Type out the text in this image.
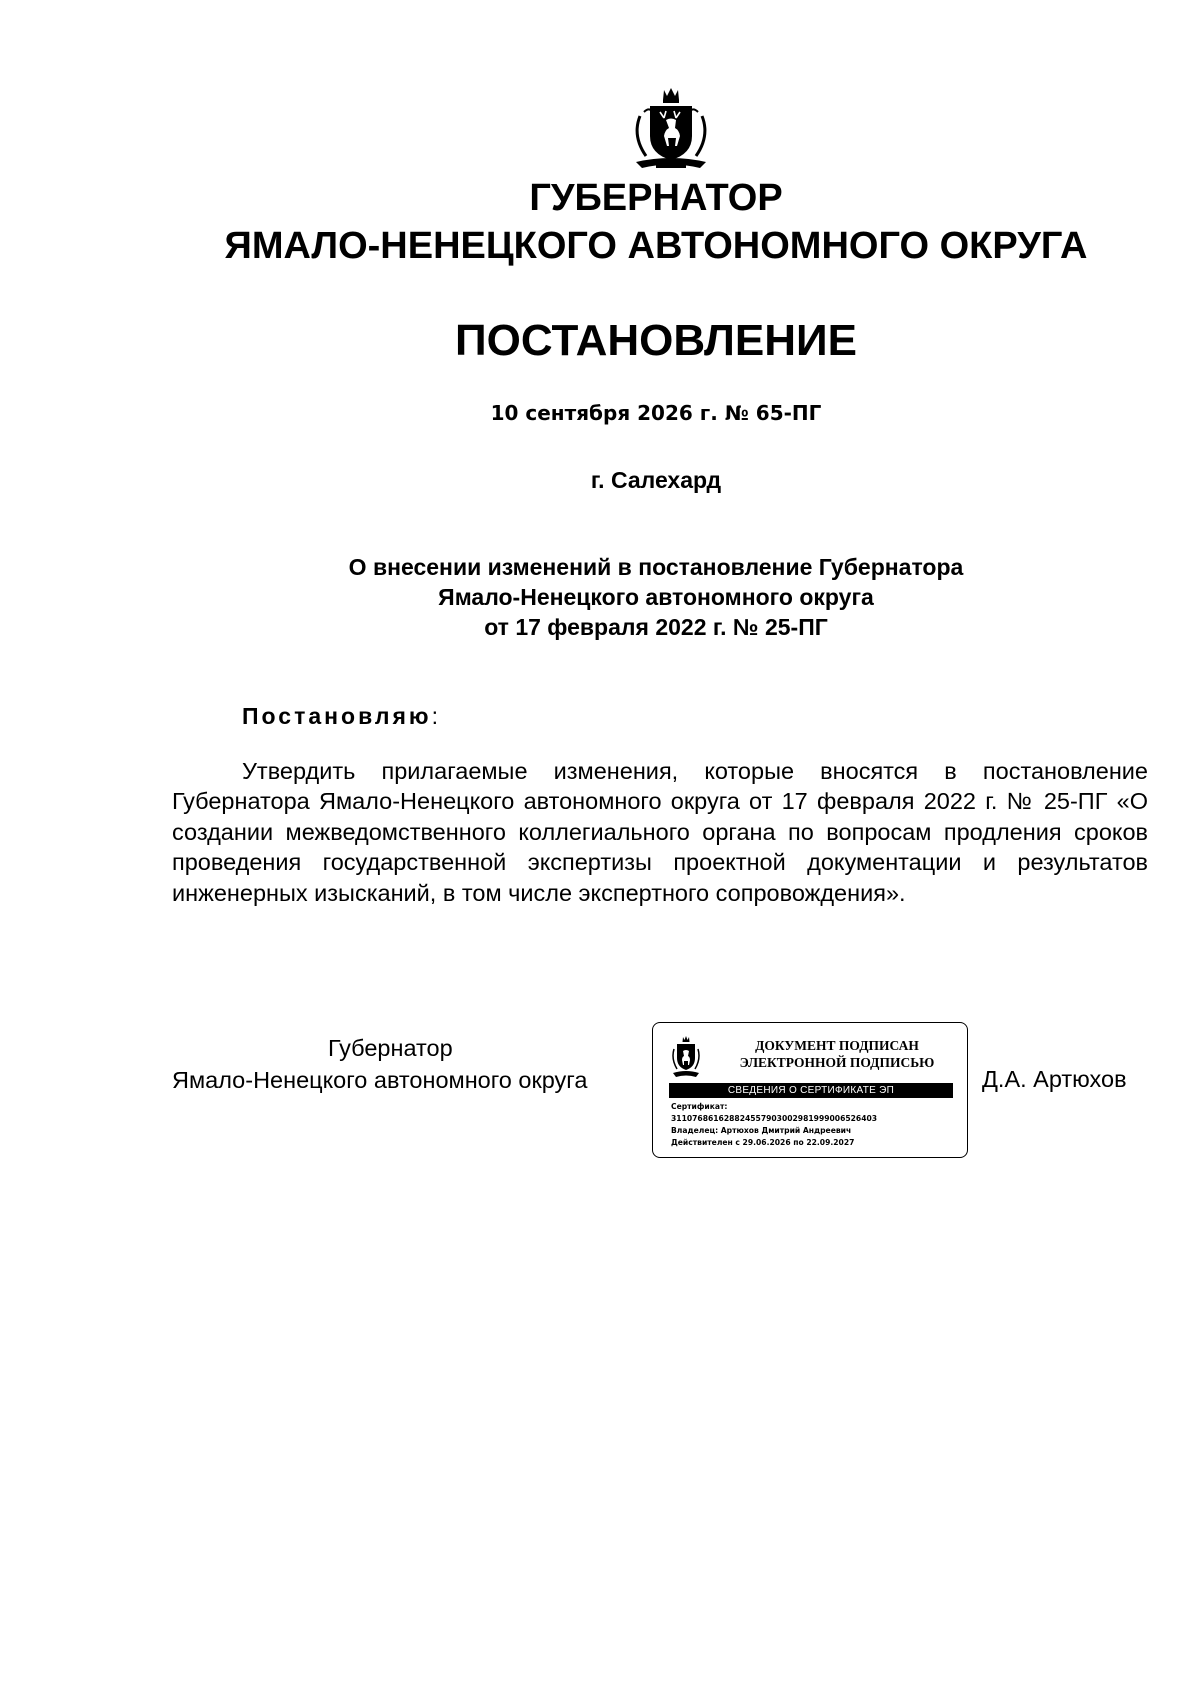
ГУБЕРНАТОР
ЯМАЛО-НЕНЕЦКОГО АВТОНОМНОГО ОКРУГА
ПОСТАНОВЛЕНИЕ
10 сентября 2026 г. № 65-ПГ
г. Салехард
О внесении изменений в постановление Губернатора
Ямало-Ненецкого автономного округа
от 17 февраля 2022 г. № 25-ПГ
Постановляю:
Утвердить прилагаемые изменения, которые вносятся в постановление Губернатора Ямало-Ненецкого автономного округа от 17 февраля 2022 г. № 25-ПГ «О создании межведомственного коллегиального органа по вопросам продления сроков проведения государственной экспертизы проектной документации и результатов инженерных изысканий, в том числе экспертного сопровождения».
Губернатор
Ямало-Ненецкого автономного округа
ДОКУМЕНТ ПОДПИСАН
ЭЛЕКТРОННОЙ ПОДПИСЬЮ
СВЕДЕНИЯ О СЕРТИФИКАТЕ ЭП
Сертификат:
311076861628824557903002981999006526403
Владелец: Артюхов Дмитрий Андреевич
Действителен с 29.06.2026 по 22.09.2027
Д.А. Артюхов
